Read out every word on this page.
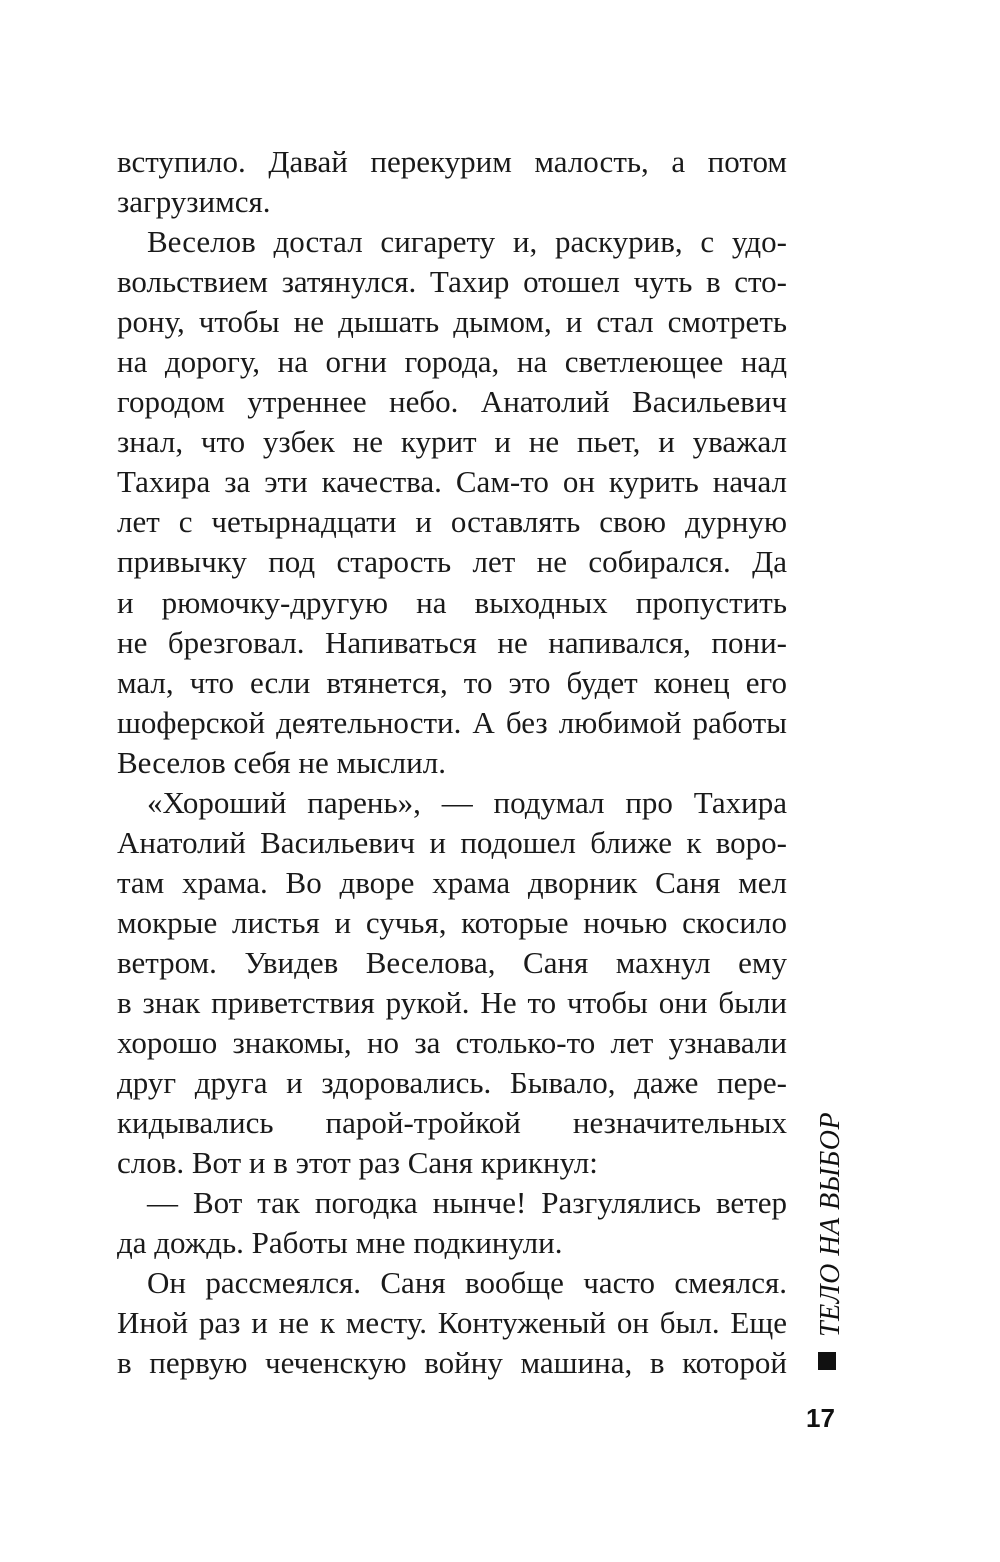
вступило. Давай перекурим малость, а потом
загрузимся.
Веселов достал сигарету и, раскурив, с удо-
вольствием затянулся. Тахир отошел чуть в сто-
рону, чтобы не дышать дымом, и стал смотреть
на дорогу, на огни города, на светлеющее над
городом утреннее небо. Анатолий Васильевич
знал, что узбек не курит и не пьет, и уважал
Тахира за эти качества. Сам-то он курить начал
лет с четырнадцати и оставлять свою дурную
привычку под старость лет не собирался. Да
и рюмочку-другую на выходных пропустить
не брезговал. Напиваться не напивался, пони-
мал, что если втянется, то это будет конец его
шоферской деятельности. А без любимой работы
Веселов себя не мыслил.
«Хороший парень», — подумал про Тахира
Анатолий Васильевич и подошел ближе к воро-
там храма. Во дворе храма дворник Саня мел
мокрые листья и сучья, которые ночью скосило
ветром. Увидев Веселова, Саня махнул ему
в знак приветствия рукой. Не то чтобы они были
хорошо знакомы, но за столько-то лет узнавали
друг друга и здоровались. Бывало, даже пере-
кидывались парой-тройкой незначительных
слов. Вот и в этот раз Саня крикнул:
— Вот так погодка нынче! Разгулялись ветер
да дождь. Работы мне подкинули.
Он рассмеялся. Саня вообще часто смеялся.
Иной раз и не к месту. Контуженый он был. Еще
в первую чеченскую войну машина, в которой
ТЕЛО НА ВЫБОР
17
